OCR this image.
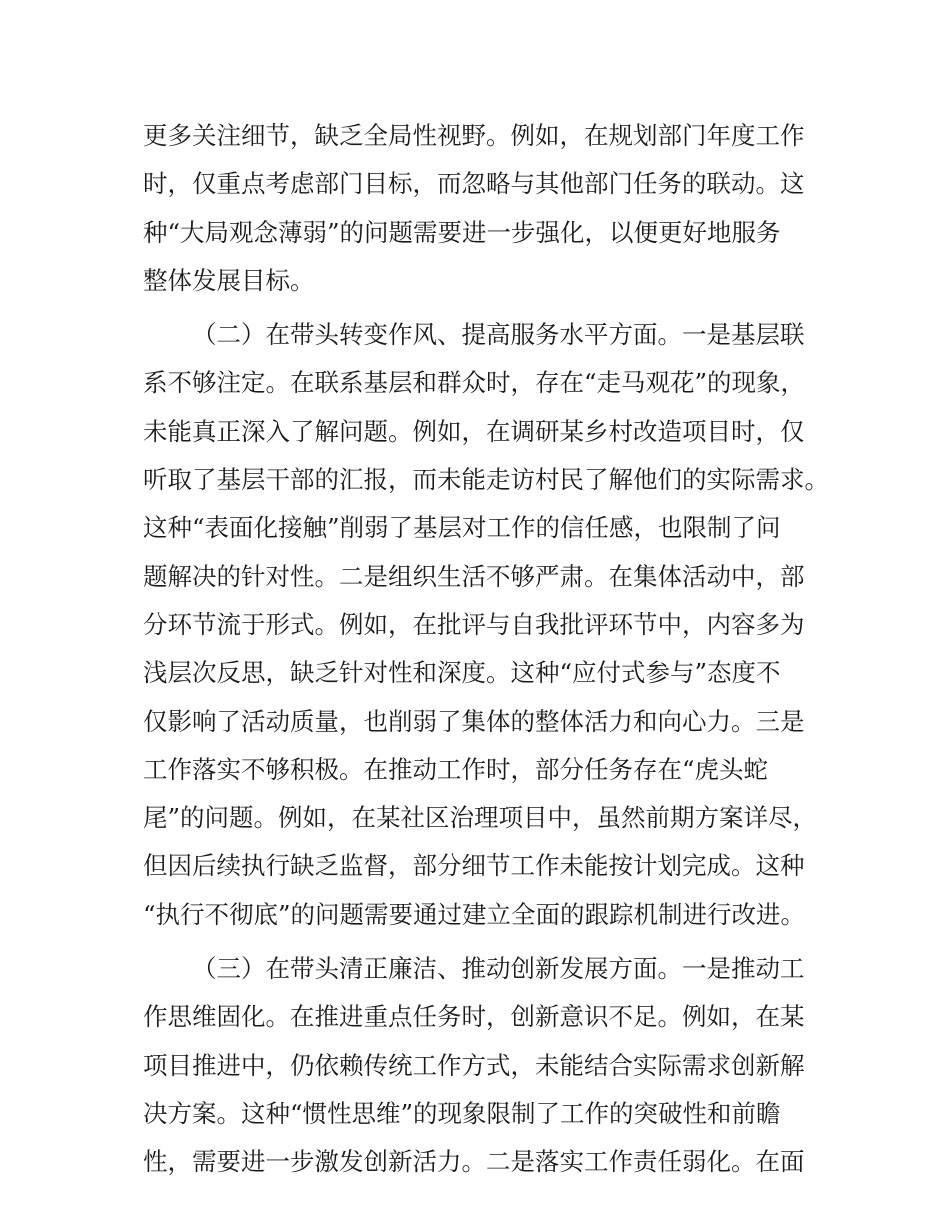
更多关注细节，缺乏全局性视野。例如，在规划部门年度工作
时，仅重点考虑部门目标，而忽略与其他部门任务的联动。这
种“大局观念薄弱”的问题需要进一步强化，以便更好地服务
整体发展目标。

（二）在带头转变作风、提高服务水平方面。一是基层联
系不够注定。在联系基层和群众时，存在“走马观花”的现象，
未能真正深入了解问题。例如，在调研某乡村改造项目时，仅
听取了基层干部的汇报，而未能走访村民了解他们的实际需求。
这种“表面化接触”削弱了基层对工作的信任感，也限制了问
题解决的针对性。二是组织生活不够严肃。在集体活动中，部
分环节流于形式。例如，在批评与自我批评环节中，内容多为
浅层次反思，缺乏针对性和深度。这种“应付式参与”态度不
仅影响了活动质量，也削弱了集体的整体活力和向心力。三是
工作落实不够积极。在推动工作时，部分任务存在“虎头蛇
尾”的问题。例如，在某社区治理项目中，虽然前期方案详尽，
但因后续执行缺乏监督，部分细节工作未能按计划完成。这种
“执行不彻底”的问题需要通过建立全面的跟踪机制进行改进。

（三）在带头清正廉洁、推动创新发展方面。一是推动工
作思维固化。在推进重点任务时，创新意识不足。例如，在某
项目推进中，仍依赖传统工作方式，未能结合实际需求创新解
决方案。这种“惯性思维”的现象限制了工作的突破性和前瞻
性，需要进一步激发创新活力。二是落实工作责任弱化。在面
